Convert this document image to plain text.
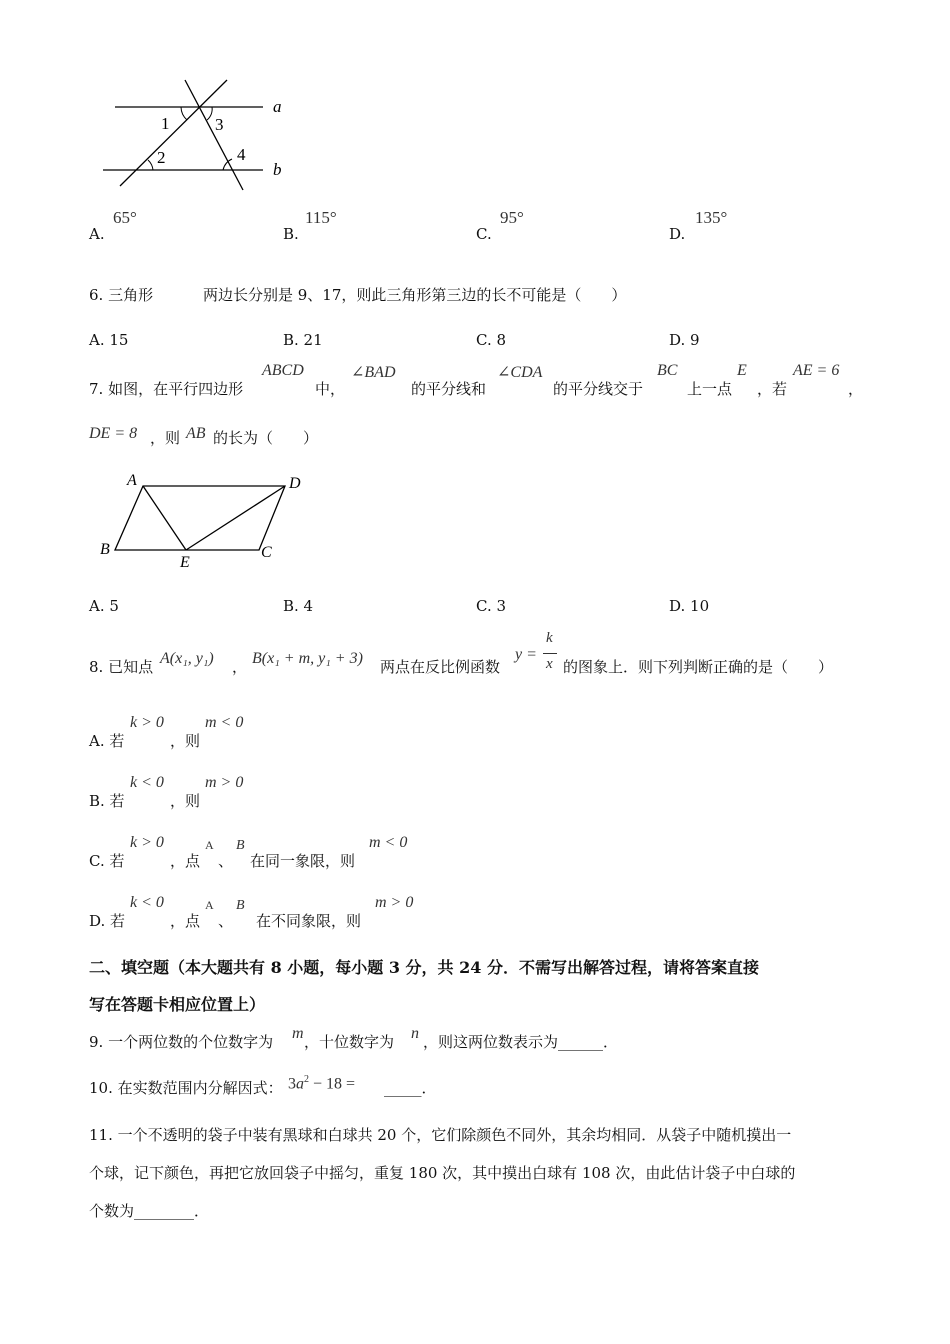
1	3
2	4
a
b
A.
65°
B.
115°
C.
95°
D.
135°
6. 三角形	两边长分别是 9、17，则此三角形第三边的长不可能是（　　）
A. 15	B. 21	C. 8	D. 9
7. 如图，在平行四边形
ABCD
中，
∠BAD
的平分线和
∠CDA
的平分线交于
BC
上一点
E
，若
AE = 6
，
DE = 8 ，则 AB 的长为（　　）
A	D
B	C
E
A. 5	B. 4	C. 3	D. 10
8. 已知点 A(x₁, y₁) ， B(x₁ + m, y₁ + 3) 两点在反比例函数
y =
k
x 的图象上．则下列判断正确的是（　　）
A. 若
k > 0
，则
m < 0
B. 若
k < 0
，则
m > 0
C. 若
k > 0
，点
A
、
B
在同一象限，则
m < 0
D. 若
k < 0
，点
A
、
B
在不同象限，则
m > 0
二、填空题（本大题共有 8 小题，每小题 3 分，共 24 分．不需写出解答过程，请将答案直接
写在答题卡相应位置上）
9. 一个两位数的个位数字为 m ，十位数字为 n ，则这两位数表示为______．
10. 在实数范围内分解因式： $3a^2 - 18$ = _____．
11. 一个不透明的袋子中装有黑球和白球共 20 个，它们除颜色不同外，其余均相同．从袋子中随机摸出一
个球，记下颜色，再把它放回袋子中摇匀，重复 180 次，其中摸出白球有 108 次，由此估计袋子中白球的
个数为________．
